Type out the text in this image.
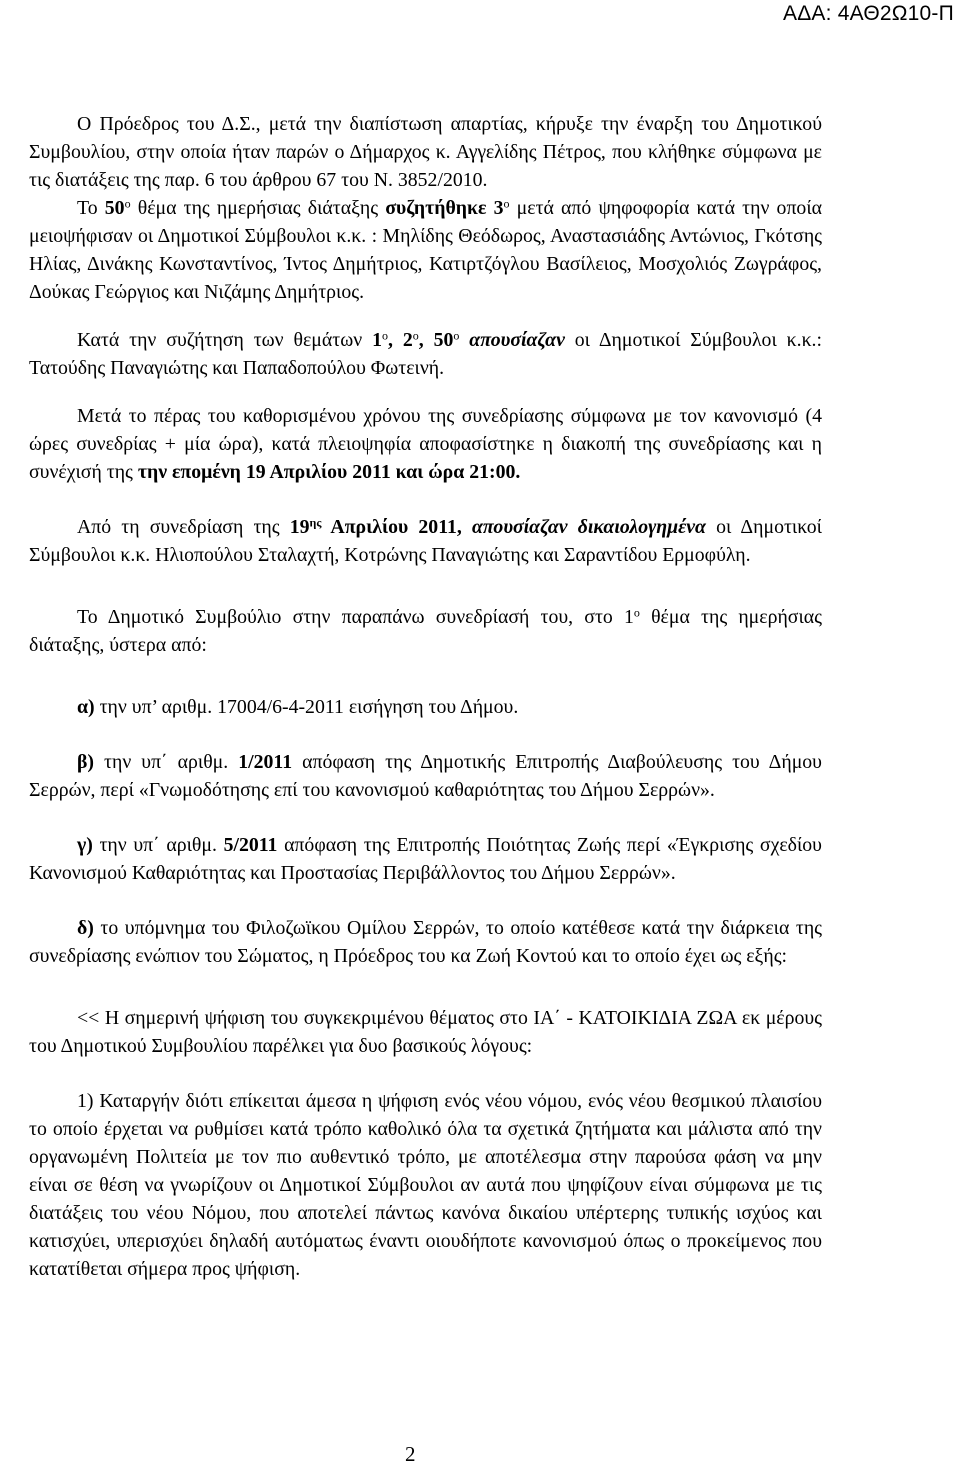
ΑΔΑ: 4ΑΘ2Ω10-Π

Ο Πρόεδρος του Δ.Σ., μετά την διαπίστωση απαρτίας, κήρυξε την έναρξη του Δημοτικού Συμβουλίου, στην οποία ήταν παρών ο Δήμαρχος κ. Αγγελίδης Πέτρος, που κλήθηκε σύμφωνα με τις διατάξεις της παρ. 6 του άρθρου 67 του Ν. 3852/2010.

Το $50^o$ θέμα της ημερήσιας διάταξης συζητήθηκε $3^o$ μετά από ψηφοφορία κατά την οποία μειοψήφισαν οι Δημοτικοί Σύμβουλοι κ.κ. : Μηλίδης Θεόδωρος, Αναστασιάδης Αντώνιος, Γκότσης Ηλίας, Δινάκης Κωνσταντίνος, Ίντος Δημήτριος, Κατιρτζόγλου Βασίλειος, Μοσχολιός Ζωγράφος, Δούκας Γεώργιος και Νιζάμης Δημήτριος.

Κατά την συζήτηση των θεμάτων $1^o$, $2^o$, $50^o$ απουσίαζαν οι Δημοτικοί Σύμβουλοι κ.κ.: Τατούδης Παναγιώτης και Παπαδοπούλου Φωτεινή.

Μετά το πέρας του καθορισμένου χρόνου της συνεδρίασης σύμφωνα με τον κανονισμό (4 ώρες συνεδρίας + μία ώρα), κατά πλειοψηφία αποφασίστηκε η διακοπή της συνεδρίασης και η συνέχισή της την επομένη 19 Απριλίου 2011 και ώρα 21:00.

Από τη συνεδρίαση της $19^{\eta\varsigma}$ Απριλίου 2011, απουσίαζαν δικαιολογημένα οι Δημοτικοί Σύμβουλοι κ.κ. Ηλιοπούλου Σταλαχτή, Κοτρώνης Παναγιώτης και Σαραντίδου Ερμοφύλη.

Το Δημοτικό Συμβούλιο στην παραπάνω συνεδρίασή του, στο $1^o$ θέμα της ημερήσιας διάταξης, ύστερα από:

α) την υπ’ αριθμ. 17004/6-4-2011 εισήγηση του Δήμου.

β) την υπ΄ αριθμ. 1/2011 απόφαση της Δημοτικής Επιτροπής Διαβούλευσης του Δήμου Σερρών, περί «Γνωμοδότησης επί του κανονισμού καθαριότητας του Δήμου Σερρών».

γ) την υπ΄ αριθμ. 5/2011 απόφαση της Επιτροπής Ποιότητας Ζωής περί «Έγκρισης σχεδίου Κανονισμού Καθαριότητας και Προστασίας Περιβάλλοντος του Δήμου Σερρών».

δ) το υπόμνημα του Φιλοζωϊκου Ομίλου Σερρών, το οποίο κατέθεσε κατά την διάρκεια της συνεδρίασης ενώπιον του Σώματος, η Πρόεδρος του κα Ζωή Κοντού και το οποίο έχει ως εξής:

<< Η σημερινή ψήφιση του συγκεκριμένου θέματος στο ΙΑ΄ - ΚΑΤΟΙΚΙΔΙΑ ΖΩΑ εκ μέρους του Δημοτικού Συμβουλίου παρέλκει για δυο βασικούς λόγους:

1) Καταργήν διότι επίκειται άμεσα η ψήφιση ενός νέου νόμου, ενός νέου θεσμικού πλαισίου το οποίο έρχεται να ρυθμίσει κατά τρόπο καθολικό όλα τα σχετικά ζητήματα και μάλιστα από την οργανωμένη Πολιτεία με τον πιο αυθεντικό τρόπο, με αποτέλεσμα στην παρούσα φάση να μην είναι σε θέση να γνωρίζουν οι Δημοτικοί Σύμβουλοι αν αυτά που ψηφίζουν είναι σύμφωνα με τις διατάξεις του νέου Νόμου, που αποτελεί πάντως κανόνα δικαίου υπέρτερης τυπικής ισχύος και κατισχύει, υπερισχύει δηλαδή αυτόματως έναντι οιουδήποτε κανονισμού όπως ο προκείμενος που κατατίθεται σήμερα προς ψήφιση.

2
